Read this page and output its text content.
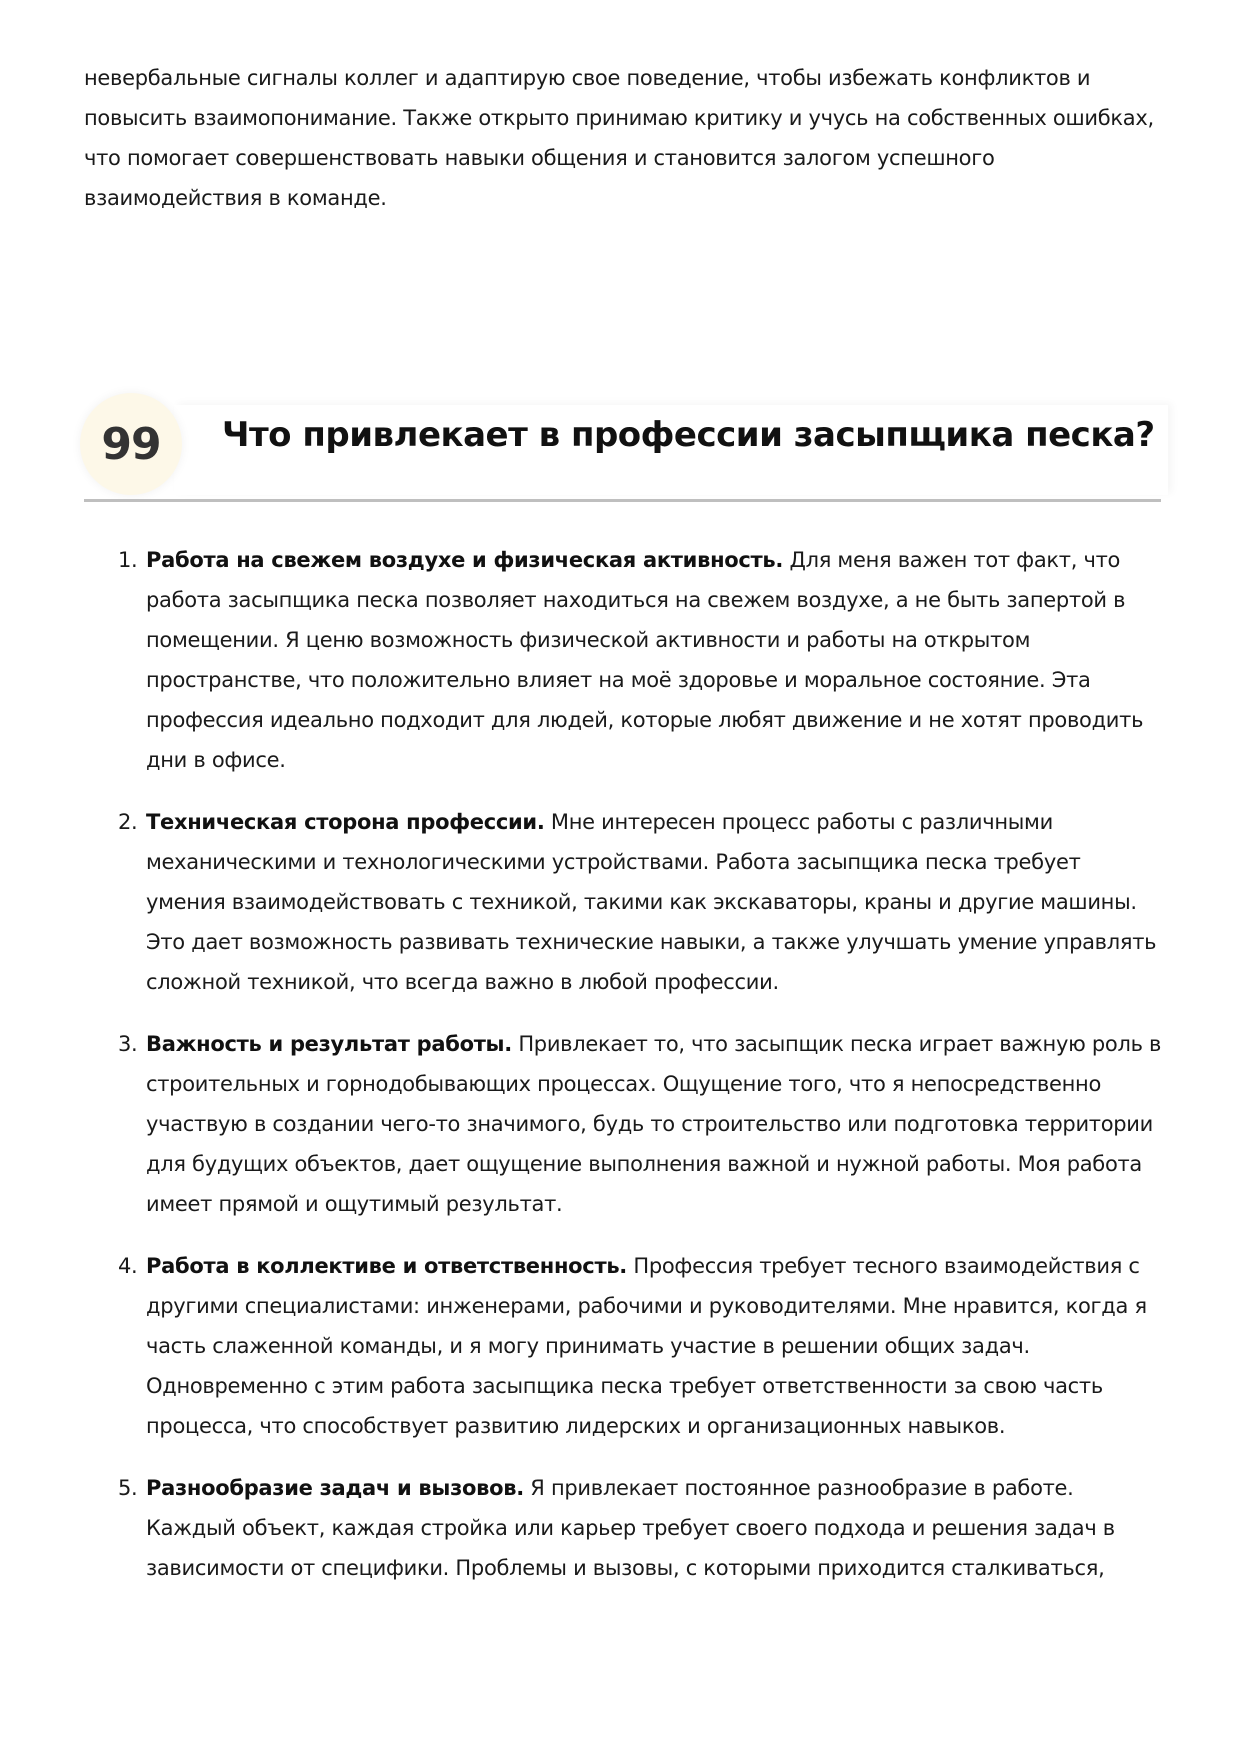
невербальные сигналы коллег и адаптирую свое поведение, чтобы избежать конфликтов и повысить взаимопонимание. Также открыто принимаю критику и учусь на собственных ошибках, что помогает совершенствовать навыки общения и становится залогом успешного взаимодействия в команде.

99	Что привлекает в профессии засыпщика песка?
1. Работа на свежем воздухе и физическая активность. Для меня важен тот факт, что работа засыпщика песка позволяет находиться на свежем воздухе, а не быть запертой в помещении. Я ценю возможность физической активности и работы на открытом пространстве, что положительно влияет на моё здоровье и моральное состояние. Эта профессия идеально подходит для людей, которые любят движение и не хотят проводить дни в офисе.
2. Техническая сторона профессии. Мне интересен процесс работы с различными механическими и технологическими устройствами. Работа засыпщика песка требует умения взаимодействовать с техникой, такими как экскаваторы, краны и другие машины. Это дает возможность развивать технические навыки, а также улучшать умение управлять сложной техникой, что всегда важно в любой профессии.
3. Важность и результат работы. Привлекает то, что засыпщик песка играет важную роль в строительных и горнодобывающих процессах. Ощущение того, что я непосредственно участвую в создании чего-то значимого, будь то строительство или подготовка территории для будущих объектов, дает ощущение выполнения важной и нужной работы. Моя работа имеет прямой и ощутимый результат.
4. Работа в коллективе и ответственность. Профессия требует тесного взаимодействия с другими специалистами: инженерами, рабочими и руководителями. Мне нравится, когда я часть слаженной команды, и я могу принимать участие в решении общих задач. Одновременно с этим работа засыпщика песка требует ответственности за свою часть процесса, что способствует развитию лидерских и организационных навыков.
5. Разнообразие задач и вызовов. Я привлекает постоянное разнообразие в работе. Каждый объект, каждая стройка или карьер требует своего подхода и решения задач в зависимости от специфики. Проблемы и вызовы, с которыми приходится сталкиваться,
